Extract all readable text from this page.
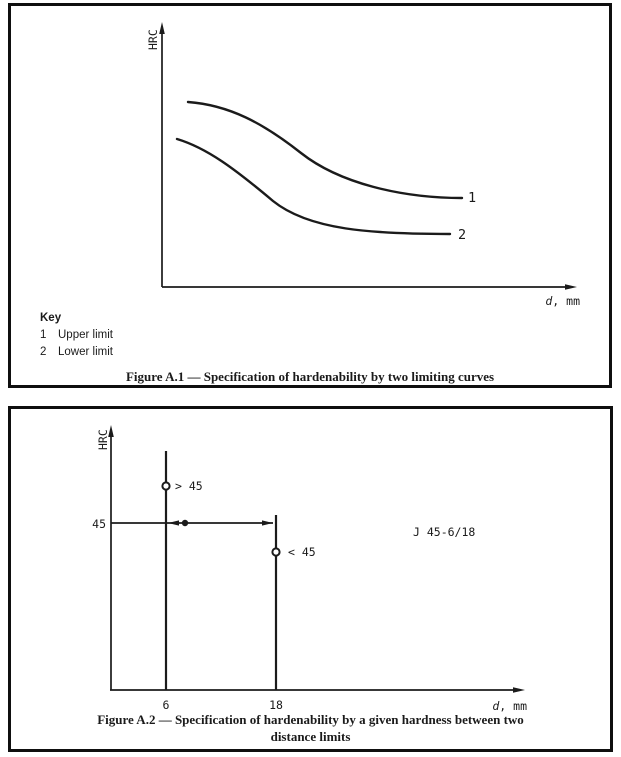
HRC
d, mm
1
2
Key
1	Upper limit
2	Lower limit
Figure A.1 — Specification of hardenability by two limiting curves
HRC
d, mm
> 45
< 45
45
J 45-6/18
6	18
Figure A.2 — Specification of hardenability by a given hardness between two
distance limits
